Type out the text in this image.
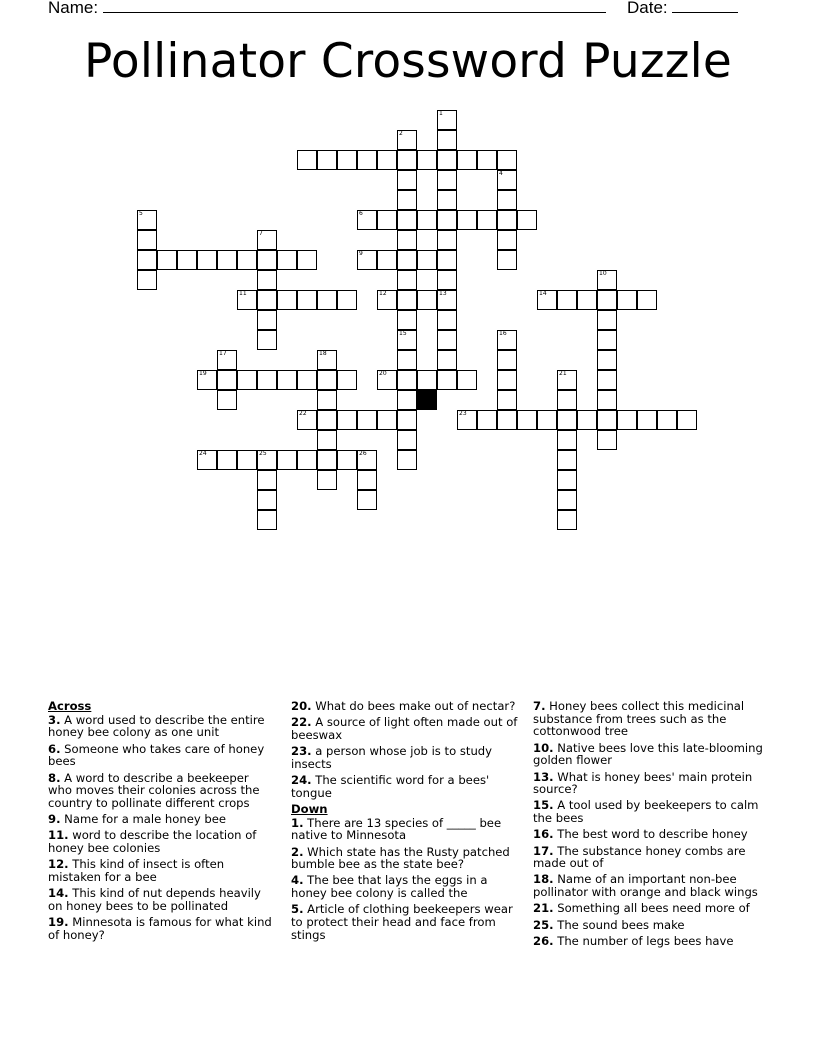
Name:	Date:
Pollinator Crossword Puzzle
6
9
11	12	13	14
19	20
22	23
24	25	26
1
2
15
4
5
7
10
16
17	18
21
Across
3. A word used to describe the entire honey bee colony as one unit
6. Someone who takes care of honey bees
8. A word to describe a beekeeper who moves their colonies across the country to pollinate different crops
9. Name for a male honey bee
11. word to describe the location of honey bee colonies
12. This kind of insect is often mistaken for a bee
14. This kind of nut depends heavily on honey bees to be pollinated
19. Minnesota is famous for what kind of honey?
20. What do bees make out of nectar?
22. A source of light often made out of beeswax
23. a person whose job is to study insects
24. The scientific word for a bees' tongue
Down
1. There are 13 species of _____ bee native to Minnesota
2. Which state has the Rusty patched bumble bee as the state bee?
4. The bee that lays the eggs in a honey bee colony is called the
5. Article of clothing beekeepers wear to protect their head and face from stings
7. Honey bees collect this medicinal substance from trees such as the cottonwood tree
10. Native bees love this late-blooming golden flower
13. What is honey bees' main protein source?
15. A tool used by beekeepers to calm the bees
16. The best word to describe honey
17. The substance honey combs are made out of
18. Name of an important non-bee pollinator with orange and black wings
21. Something all bees need more of
25. The sound bees make
26. The number of legs bees have
